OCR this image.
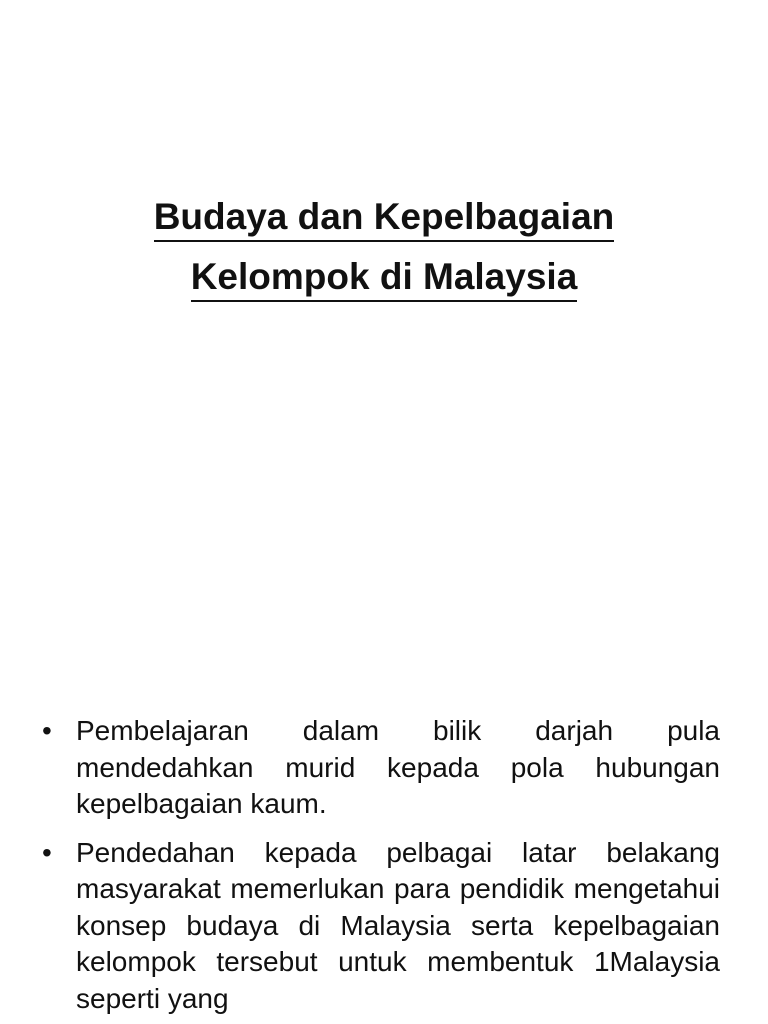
Budaya dan Kepelbagaian
Kelompok di Malaysia
• Pembelajaran dalam bilik darjah pula mendedahkan murid kepada pola hubungan kepelbagaian kaum.
• Pendedahan kepada pelbagai latar belakang masyarakat memerlukan para pendidik mengetahui konsep budaya di Malaysia serta kepelbagaian kelompok tersebut untuk membentuk 1Malaysia seperti yang
